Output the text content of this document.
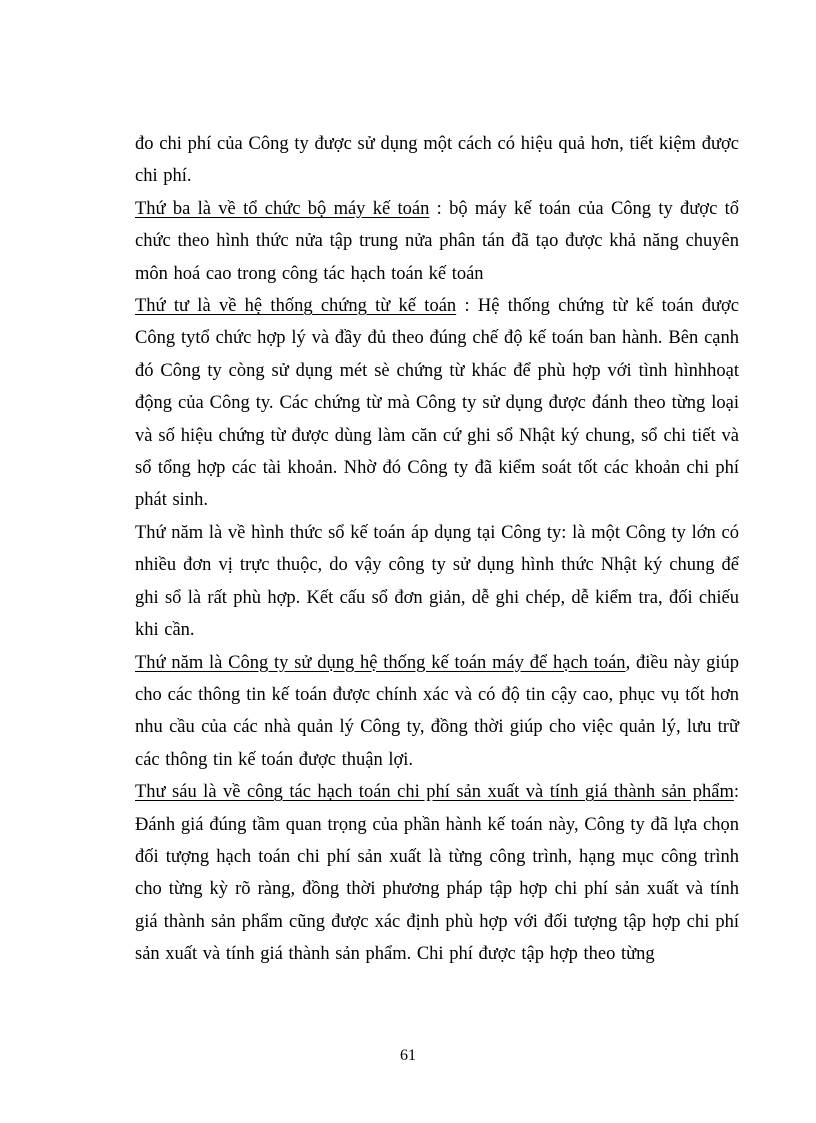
đo chi phí của Công ty được sử dụng một cách có hiệu quả hơn, tiết kiệm được chi phí.

Thứ ba là về tổ chức bộ máy kế toán : bộ máy kế toán của Công ty được tổ chức theo hình thức nửa tập trung nửa phân tán đã tạo được khả năng chuyên môn hoá cao trong công tác hạch toán kế toán

Thứ tư là về hệ thống chứng từ kế toán : Hệ thống chứng từ kế toán được Công tytổ chức hợp lý và đầy đủ theo đúng chế độ kế toán ban hành. Bên cạnh đó Công ty còng sử dụng mét sè chứng từ khác để phù hợp với tình hìnhhoạt động của Công ty. Các chứng từ mà Công ty sử dụng được đánh theo từng loại và số hiệu chứng từ được dùng làm căn cứ ghi sổ Nhật ký chung, sổ chi tiết và sổ tổng hợp các tài khoản. Nhờ đó Công ty đã kiểm soát tốt các khoản chi phí phát sinh.

Thứ năm là về hình thức sổ kế toán áp dụng tại Công ty: là một Công ty lớn có nhiều đơn vị trực thuộc, do vậy công ty sử dụng hình thức Nhật ký chung để ghi sổ là rất phù hợp. Kết cấu sổ đơn giản, dễ ghi chép, dễ kiểm tra, đối chiếu khi cần.

Thứ năm là Công ty sử dụng hệ thống kế toán máy để hạch toán, điều này giúp cho các thông tin kế toán được chính xác và có độ tin cậy cao, phục vụ tốt hơn nhu cầu của các nhà quản lý Công ty, đồng thời giúp cho việc quản lý, lưu trữ các thông tin kế toán được thuận lợi.

Thư sáu là về công tác hạch toán chi phí sản xuất và tính giá thành sản phẩm: Đánh giá đúng tầm quan trọng của phần hành kế toán này, Công ty đã lựa chọn đối tượng hạch toán chi phí sản xuất là từng công trình, hạng mục công trình cho từng kỳ rõ ràng, đồng thời phương pháp tập hợp chi phí sản xuất và tính giá thành sản phẩm cũng được xác định phù hợp với đối tượng tập hợp chi phí sản xuất và tính giá thành sản phẩm. Chi phí được tập hợp theo từng

61
